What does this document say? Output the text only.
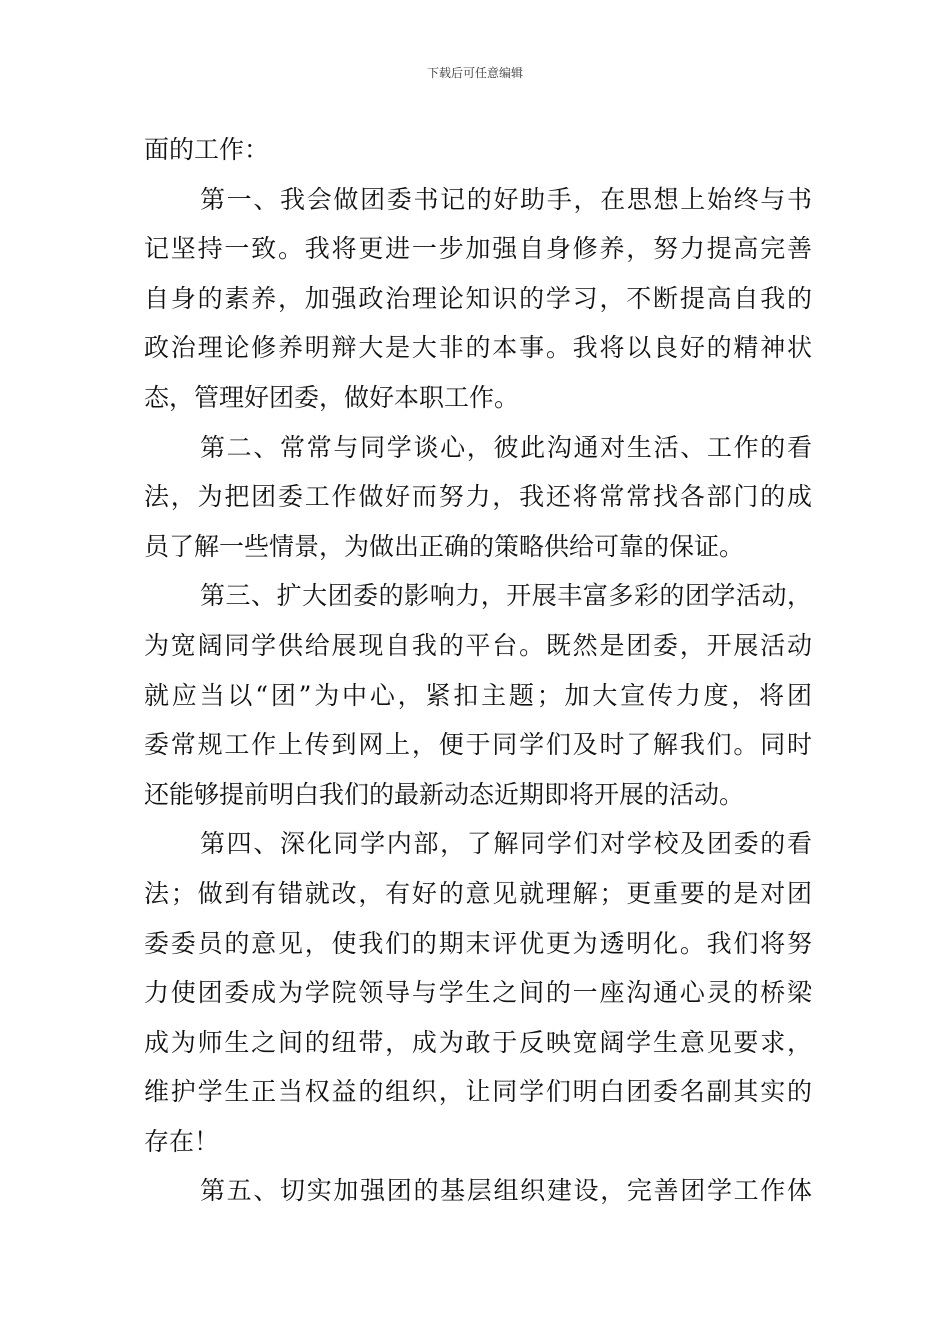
下载后可任意编辑
面的工作：
第一、我会做团委书记的好助手，在思想上始终与书
记坚持一致。我将更进一步加强自身修养，努力提高完善
自身的素养，加强政治理论知识的学习，不断提高自我的
政治理论修养明辩大是大非的本事。我将以良好的精神状
态，管理好团委，做好本职工作。
第二、常常与同学谈心，彼此沟通对生活、工作的看
法，为把团委工作做好而努力，我还将常常找各部门的成
员了解一些情景，为做出正确的策略供给可靠的保证。
第三、扩大团委的影响力，开展丰富多彩的团学活动，
为宽阔同学供给展现自我的平台。既然是团委，开展活动
就应当以“团”为中心，紧扣主题；加大宣传力度，将团
委常规工作上传到网上，便于同学们及时了解我们。同时
还能够提前明白我们的最新动态近期即将开展的活动。
第四、深化同学内部，了解同学们对学校及团委的看
法；做到有错就改，有好的意见就理解；更重要的是对团
委委员的意见，使我们的期末评优更为透明化。我们将努
力使团委成为学院领导与学生之间的一座沟通心灵的桥梁
成为师生之间的纽带，成为敢于反映宽阔学生意见要求，
维护学生正当权益的组织，让同学们明白团委名副其实的
存在！
第五、切实加强团的基层组织建设，完善团学工作体
